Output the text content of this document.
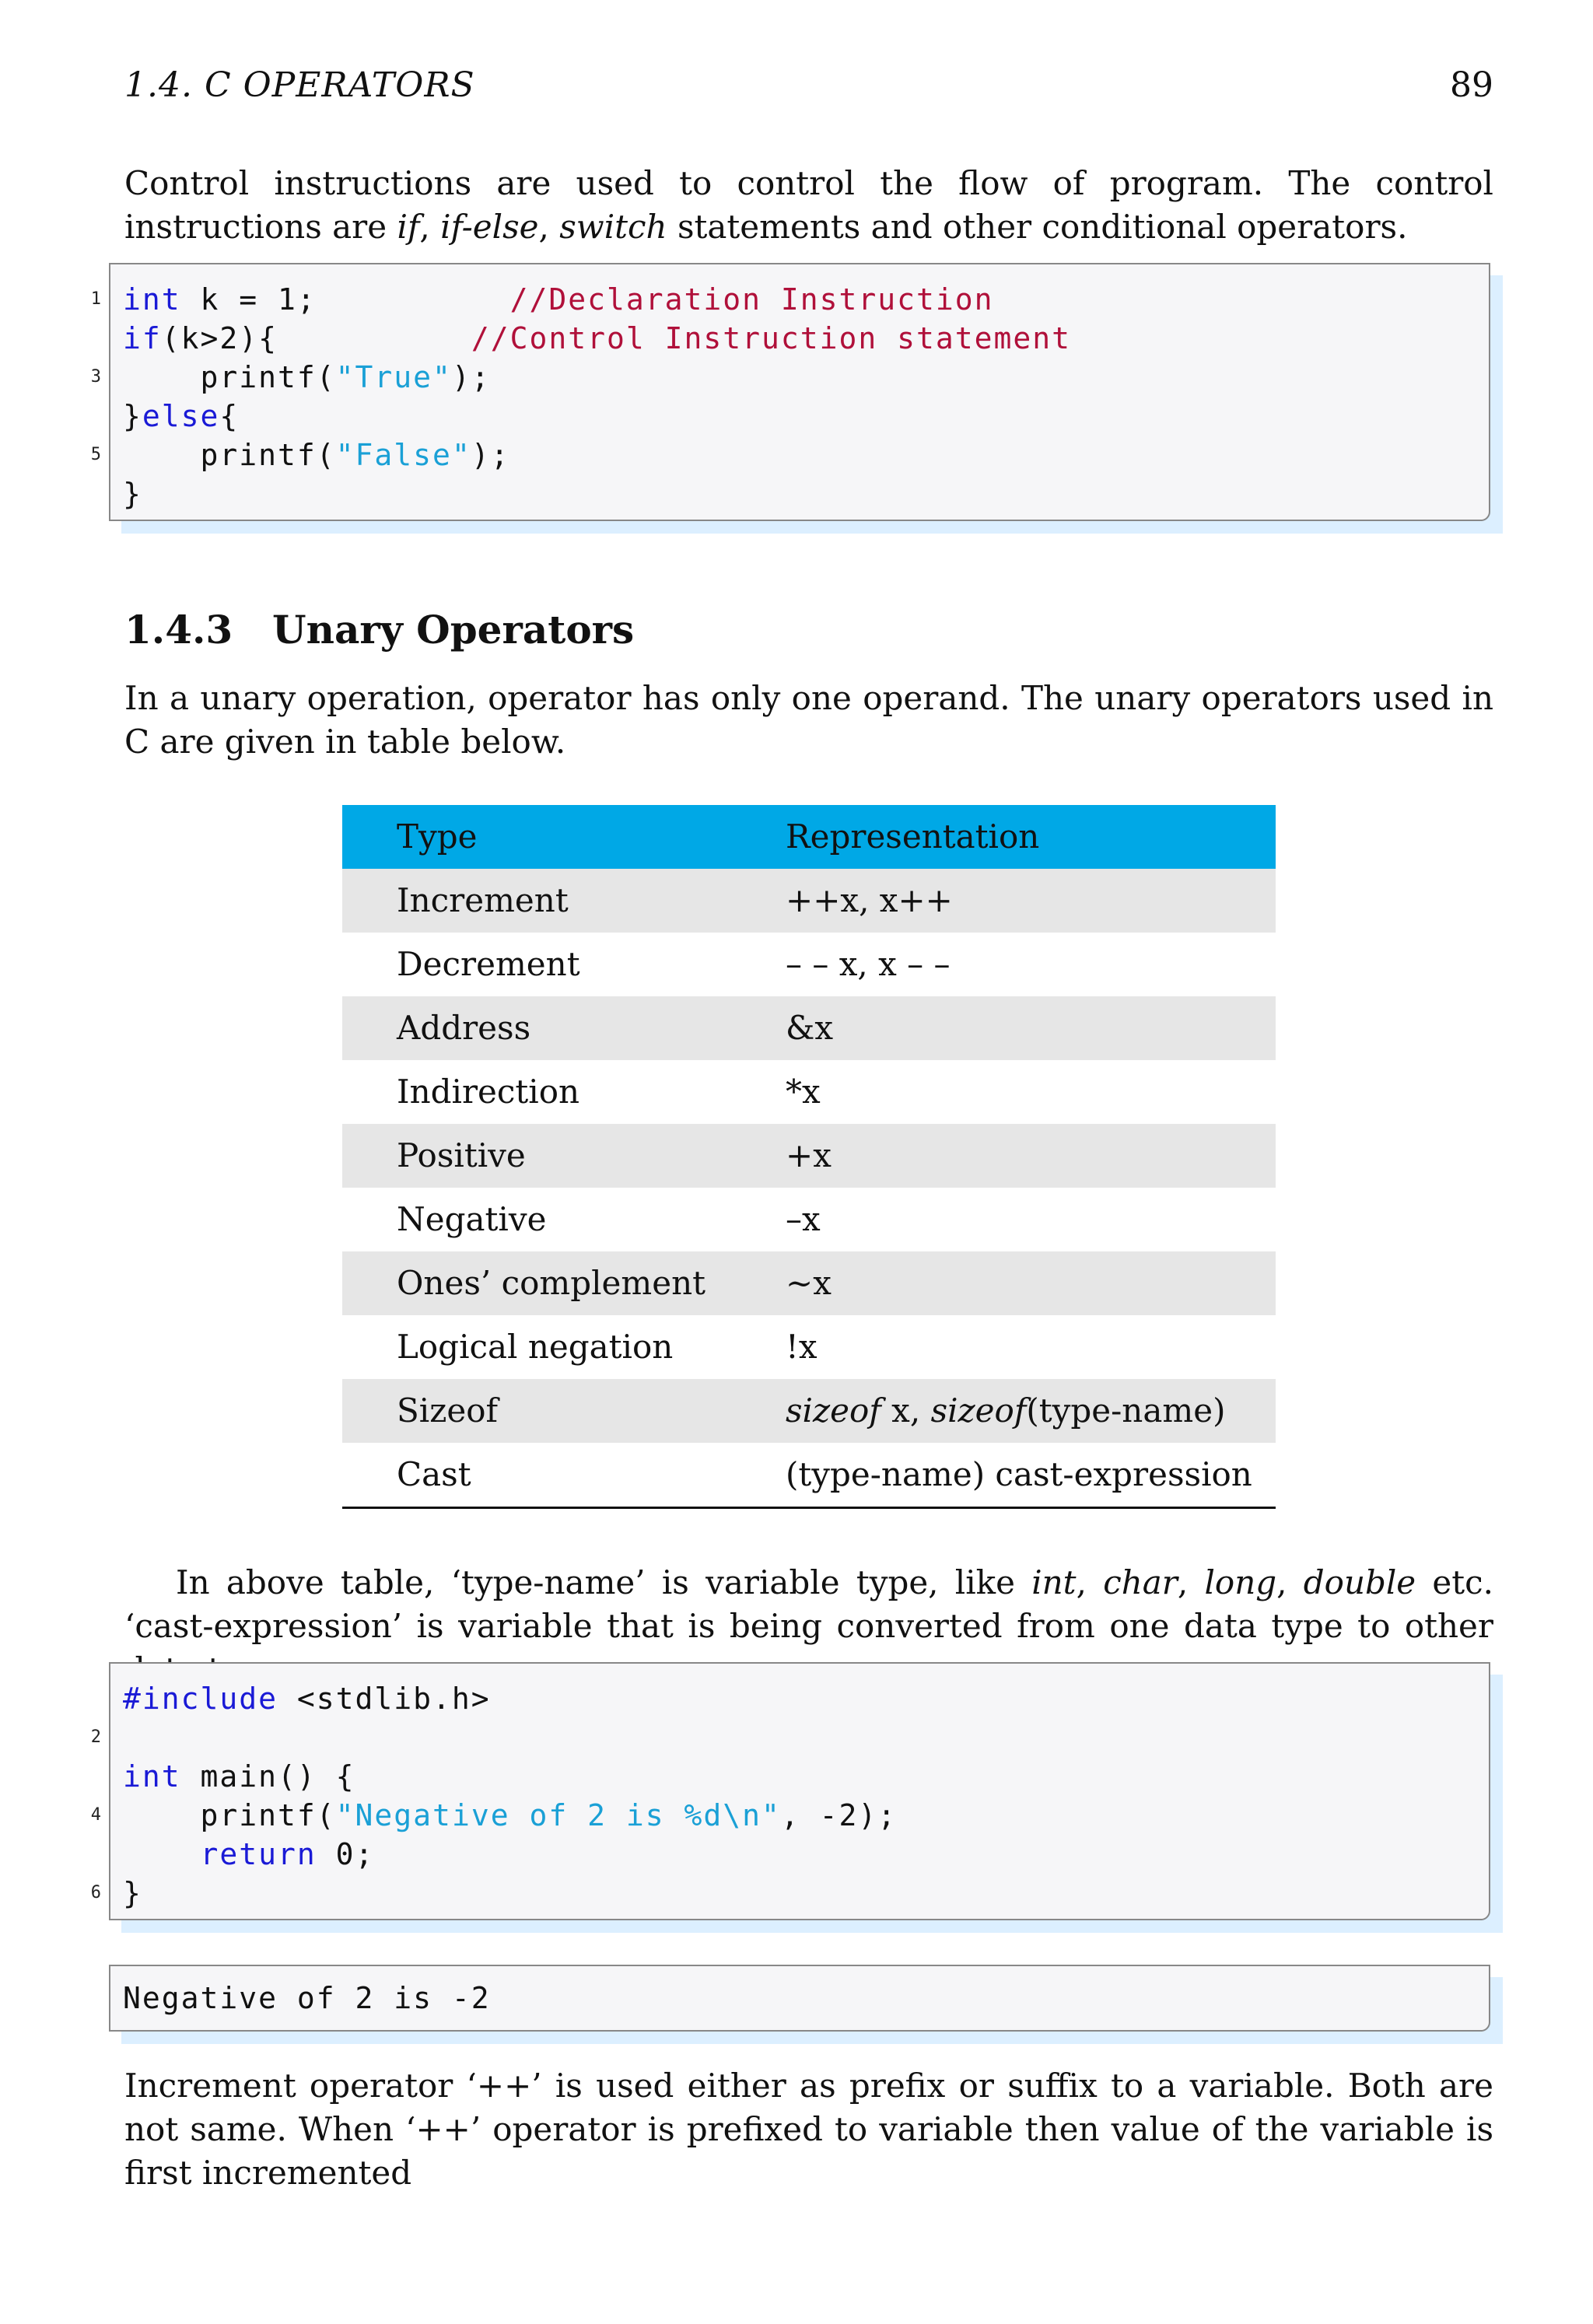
1.4. C OPERATORS	89

Control instructions are used to control the flow of program. The control instructions are if, if-else, switch statements and other conditional operators.

1 int k = 1;	//Declaration Instruction
if(k>2){	//Control Instruction statement
3 printf("True");
}else{
5 printf("False");
}
1.4.3 Unary Operators

In a unary operation, operator has only one operand. The unary operators used in C are given in table below.

Type	Representation
Increment	++x, x++
Decrement	– – x, x – –
Address	&x
Indirection	*x
Positive	+x
Negative	–x
Ones’ complement	∼x
Logical negation	!x
Sizeof	sizeof x, sizeof(type-name)
Cast	(type-name) cast-expression

In above table, ‘type-name’ is variable type, like int, char, long, double etc. ‘cast-expression’ is variable that is being converted from one data type to other

#include <stdlib.h>
2
int main() {
4 printf("Negative of 2 is %d\n", -2);
return 0;
6 }
Negative of 2 is -2

Increment operator ‘++’ is used either as prefix or suffix to a variable. Both are not same. When ‘++’ operator is prefixed to variable then value of the variable is first incremented
